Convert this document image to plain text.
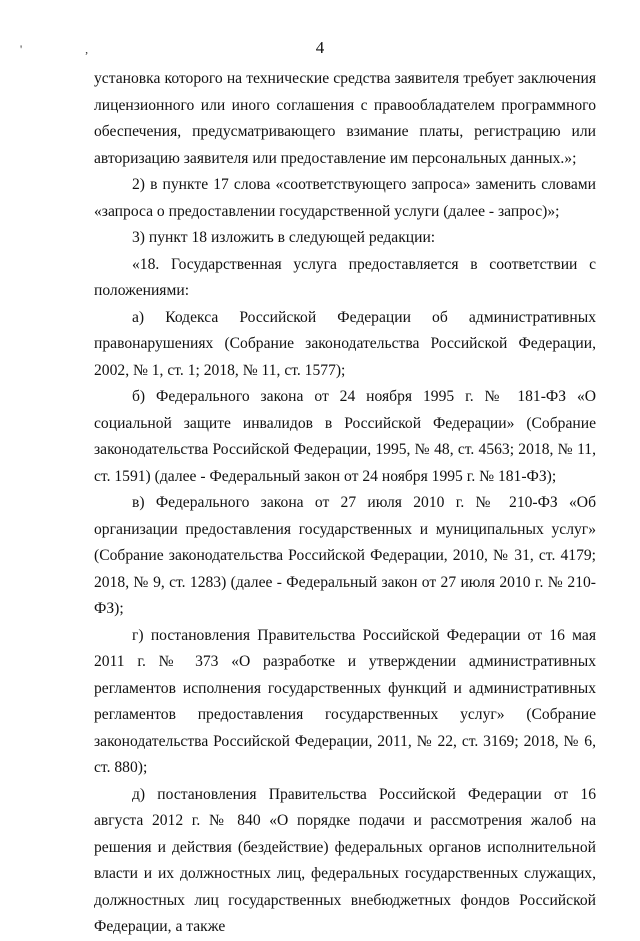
' ,	4

установка которого на технические средства заявителя требует заключения лицензионного или иного соглашения с правообладателем программного обеспечения, предусматривающего взимание платы, регистрацию или авторизацию заявителя или предоставление им персональных данных.»;

2) в пункте 17 слова «соответствующего запроса» заменить словами «запроса о предоставлении государственной услуги (далее - запрос)»;

3) пункт 18 изложить в следующей редакции:

«18. Государственная услуга предоставляется в соответствии с положениями:

а) Кодекса Российской Федерации об административных правонарушениях (Собрание законодательства Российской Федерации, 2002, № 1, ст. 1; 2018, № 11, ст. 1577);

б) Федерального закона от 24 ноября 1995 г. № 181-ФЗ «О социальной защите инвалидов в Российской Федерации» (Собрание законодательства Российской Федерации, 1995, № 48, ст. 4563; 2018, № 11, ст. 1591) (далее - Федеральный закон от 24 ноября 1995 г. № 181-ФЗ);

в) Федерального закона от 27 июля 2010 г. № 210-ФЗ «Об организации предоставления государственных и муниципальных услуг» (Собрание законодательства Российской Федерации, 2010, № 31, ст. 4179; 2018, № 9, ст. 1283) (далее - Федеральный закон от 27 июля 2010 г. № 210-ФЗ);

г) постановления Правительства Российской Федерации от 16 мая 2011 г. № 373 «О разработке и утверждении административных регламентов исполнения государственных функций и административных регламентов предоставления государственных услуг» (Собрание законодательства Российской Федерации, 2011, № 22, ст. 3169; 2018, № 6, ст. 880);

д) постановления Правительства Российской Федерации от 16 августа 2012 г. № 840 «О порядке подачи и рассмотрения жалоб на решения и действия (бездействие) федеральных органов исполнительной власти и их должностных лиц, федеральных государственных служащих, должностных лиц государственных внебюджетных фондов Российской Федерации, а также
